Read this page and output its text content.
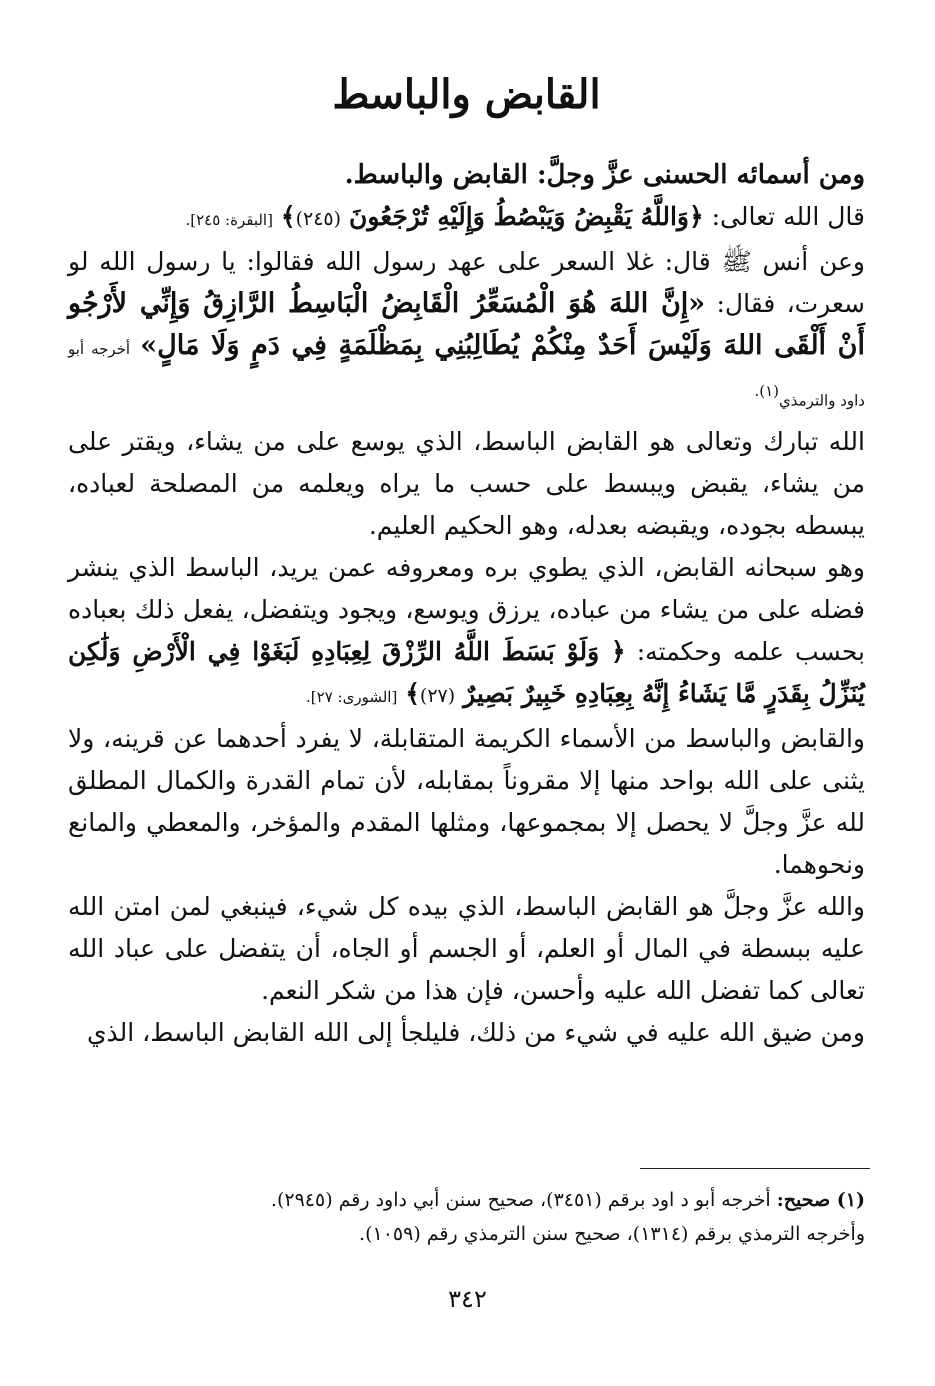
القابض والباسط

ومن أسمائه الحسنى عزَّ وجلَّ: القابض والباسط.

قال الله تعالى: ﴿وَاللَّهُ يَقْبِضُ وَيَبْصُطُ وَإِلَيْهِ تُرْجَعُونَ (٢٤٥)﴾ [البقرة: ٢٤٥].

وعن أنس ﷺ قال: غلا السعر على عهد رسول الله فقالوا: يا رسول الله لو سعرت، فقال: «إِنَّ اللهَ هُوَ الْمُسَعِّرُ الْقَابِضُ الْبَاسِطُ الرَّازِقُ وَإِنِّي لأَرْجُو أَنْ أَلْقَى اللهَ وَلَيْسَ أَحَدٌ مِنْكُمْ يُطَالِبُنِي بِمَظْلَمَةٍ فِي دَمٍ وَلَا مَالٍ» أخرجه أبو داود والترمذي$^{(١).}$

الله تبارك وتعالى هو القابض الباسط، الذي يوسع على من يشاء، ويقتر على من يشاء، يقبض ويبسط على حسب ما يراه ويعلمه من المصلحة لعباده، يبسطه بجوده، ويقبضه بعدله، وهو الحكيم العليم.

وهو سبحانه القابض، الذي يطوي بره ومعروفه عمن يريد، الباسط الذي ينشر فضله على من يشاء من عباده، يرزق ويوسع، ويجود ويتفضل، يفعل ذلك بعباده بحسب علمه وحكمته: ﴿ وَلَوْ بَسَطَ اللَّهُ الرِّزْقَ لِعِبَادِهِ لَبَغَوْا فِي الْأَرْضِ وَلَٰكِن يُنَزِّلُ بِقَدَرٍ مَّا يَشَاءُ إِنَّهُ بِعِبَادِهِ خَبِيرٌ بَصِيرٌ (٢٧)﴾ [الشورى: ٢٧].

والقابض والباسط من الأسماء الكريمة المتقابلة، لا يفرد أحدهما عن قرينه، ولا يثنى على الله بواحد منها إلا مقروناً بمقابله، لأن تمام القدرة والكمال المطلق لله عزَّ وجلَّ لا يحصل إلا بمجموعها، ومثلها المقدم والمؤخر، والمعطي والمانع ونحوهما.

والله عزَّ وجلَّ هو القابض الباسط، الذي بيده كل شيء، فينبغي لمن امتن الله عليه ببسطة في المال أو العلم، أو الجسم أو الجاه، أن يتفضل على عباد الله تعالى كما تفضل الله عليه وأحسن، فإن هذا من شكر النعم.

ومن ضيق الله عليه في شيء من ذلك، فليلجأ إلى الله القابض الباسط، الذي

(١) صحيح: أخرجه أبو د اود برقم (٣٤٥١)، صحيح سنن أبي داود رقم (٢٩٤٥).

وأخرجه الترمذي برقم (١٣١٤)، صحيح سنن الترمذي رقم (١٠٥٩).

٣٤٢
